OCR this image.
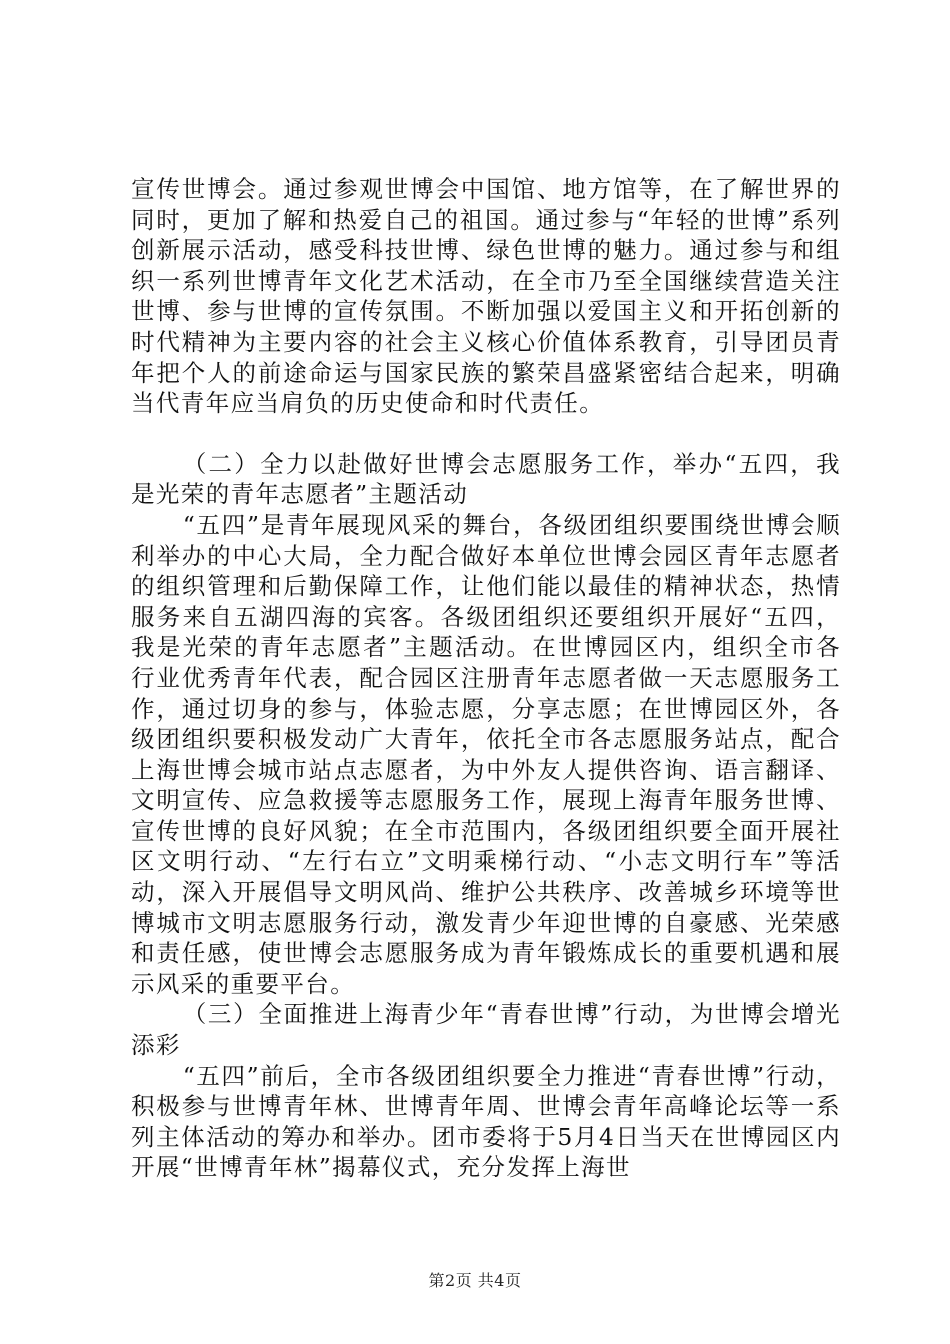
宣传世博会。通过参观世博会中国馆、地方馆等，在了解世界的同时，更加了解和热爱自己的祖国。通过参与“年轻的世博”系列创新展示活动，感受科技世博、绿色世博的魅力。通过参与和组织一系列世博青年文化艺术活动，在全市乃至全国继续营造关注世博、参与世博的宣传氛围。不断加强以爱国主义和开拓创新的时代精神为主要内容的社会主义核心价值体系教育，引导团员青年把个人的前途命运与国家民族的繁荣昌盛紧密结合起来，明确当代青年应当肩负的历史使命和时代责任。

（二）全力以赴做好世博会志愿服务工作，举办“五四，我是光荣的青年志愿者”主题活动

“五四”是青年展现风采的舞台，各级团组织要围绕世博会顺利举办的中心大局，全力配合做好本单位世博会园区青年志愿者的组织管理和后勤保障工作，让他们能以最佳的精神状态，热情服务来自五湖四海的宾客。各级团组织还要组织开展好“五四，我是光荣的青年志愿者”主题活动。在世博园区内，组织全市各行业优秀青年代表，配合园区注册青年志愿者做一天志愿服务工作，通过切身的参与，体验志愿，分享志愿；在世博园区外，各级团组织要积极发动广大青年，依托全市各志愿服务站点，配合上海世博会城市站点志愿者，为中外友人提供咨询、语言翻译、文明宣传、应急救援等志愿服务工作，展现上海青年服务世博、宣传世博的良好风貌；在全市范围内，各级团组织要全面开展社区文明行动、“左行右立”文明乘梯行动、“小志文明行车”等活动，深入开展倡导文明风尚、维护公共秩序、改善城乡环境等世博城市文明志愿服务行动，激发青少年迎世博的自豪感、光荣感和责任感，使世博会志愿服务成为青年锻炼成长的重要机遇和展示风采的重要平台。

（三）全面推进上海青少年“青春世博”行动，为世博会增光添彩

“五四”前后，全市各级团组织要全力推进“青春世博”行动，积极参与世博青年林、世博青年周、世博会青年高峰论坛等一系列主体活动的筹办和举办。团市委将于5月4日当天在世博园区内开展“世博青年林”揭幕仪式，充分发挥上海世

第2页 共4页
